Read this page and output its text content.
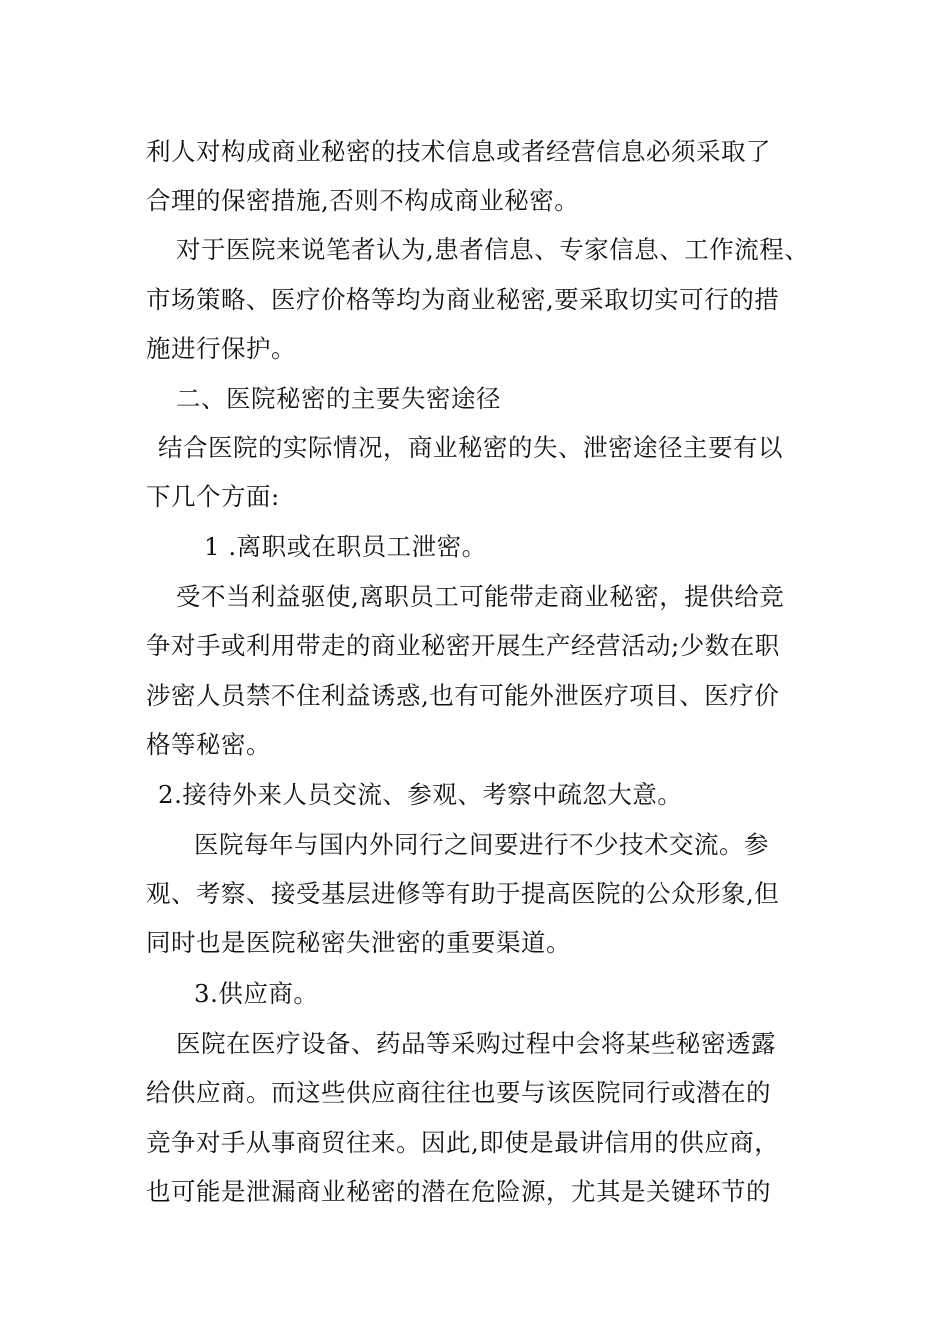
利人对构成商业秘密的技术信息或者经营信息必须采取了

合理的保密措施,否则不构成商业秘密。

对于医院来说笔者认为,患者信息、专家信息、工作流程、

市场策略、医疗价格等均为商业秘密,要采取切实可行的措

施进行保护。

二、医院秘密的主要失密途径

结合医院的实际情况，商业秘密的失、泄密途径主要有以

下几个方面:

1 .离职或在职员工泄密。

受不当利益驱使,离职员工可能带走商业秘密，提供给竞

争对手或利用带走的商业秘密开展生产经营活动;少数在职

涉密人员禁不住利益诱惑,也有可能外泄医疗项目、医疗价

格等秘密。

2.接待外来人员交流、参观、考察中疏忽大意。

医院每年与国内外同行之间要进行不少技术交流。参

观、考察、接受基层进修等有助于提高医院的公众形象,但

同时也是医院秘密失泄密的重要渠道。

3.供应商。

医院在医疗设备、药品等采购过程中会将某些秘密透露

给供应商。而这些供应商往往也要与该医院同行或潜在的

竞争对手从事商贸往来。因此,即使是最讲信用的供应商，

也可能是泄漏商业秘密的潜在危险源，尤其是关键环节的
